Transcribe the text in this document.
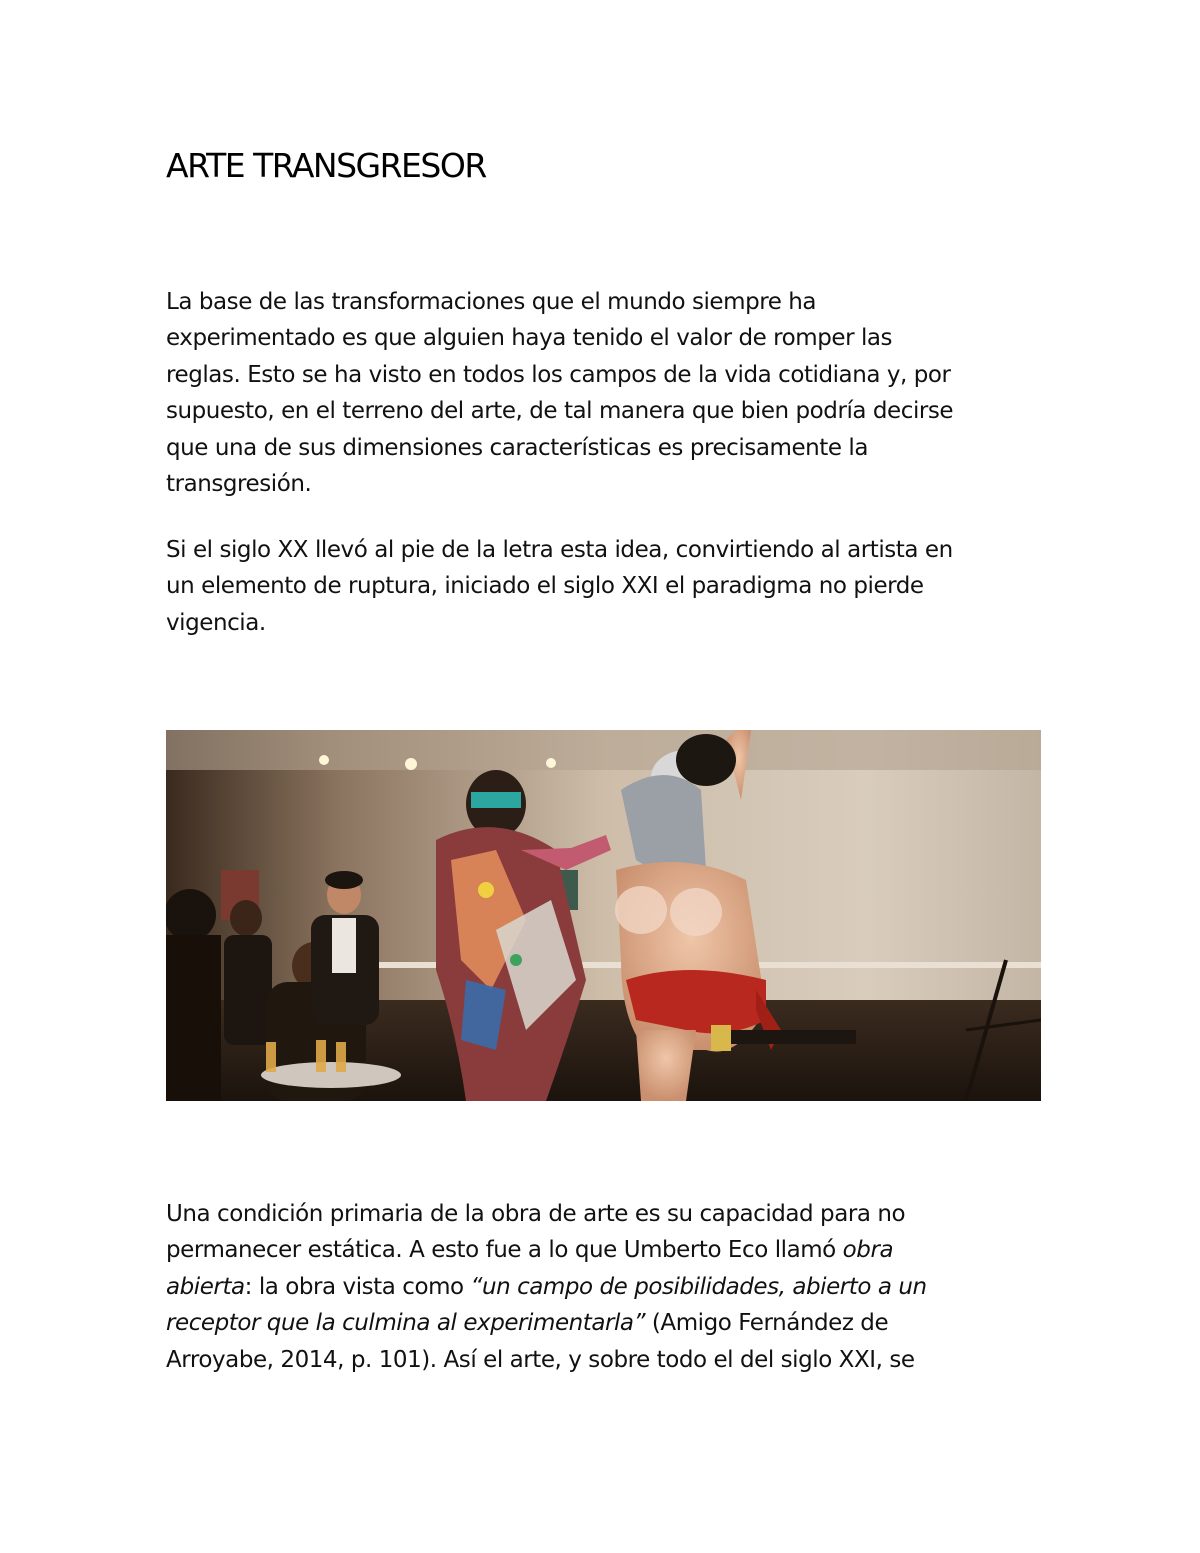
ARTE TRANSGRESOR

La base de las transformaciones que el mundo siempre ha
experimentado es que alguien haya tenido el valor de romper las
reglas. Esto se ha visto en todos los campos de la vida cotidiana y, por
supuesto, en el terreno del arte, de tal manera que bien podría decirse
que una de sus dimensiones características es precisamente la
transgresión.

Si el siglo XX llevó al pie de la letra esta idea, convirtiendo al artista en
un elemento de ruptura, iniciado el siglo XXI el paradigma no pierde
vigencia.

Una condición primaria de la obra de arte es su capacidad para no
permanecer estática. A esto fue a lo que Umberto Eco llamó obra
abierta: la obra vista como “un campo de posibilidades, abierto a un
receptor que la culmina al experimentarla” (Amigo Fernández de
Arroyabe, 2014, p. 101). Así el arte, y sobre todo el del siglo XXI, se
